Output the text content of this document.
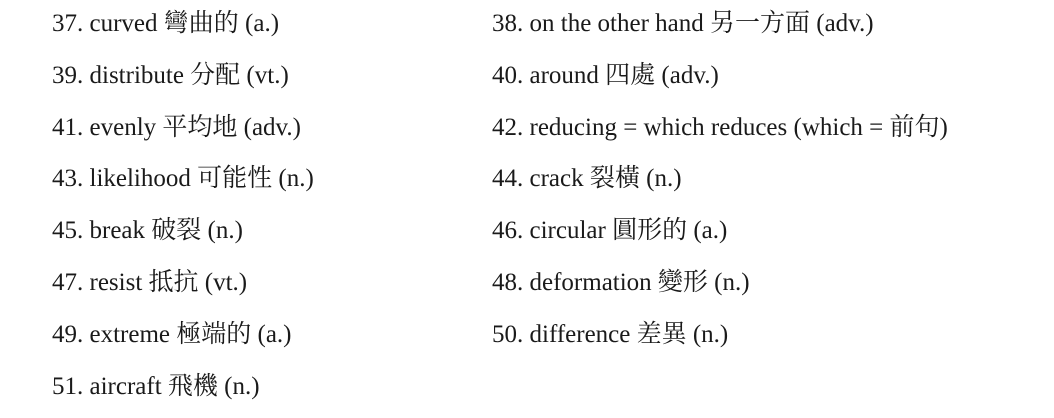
37. curved 彎曲的 (a.)
39. distribute 分配 (vt.)
41. evenly 平均地 (adv.)
43. likelihood 可能性 (n.)
45. break 破裂 (n.)
47. resist 抵抗 (vt.)
49. extreme 極端的 (a.)
51. aircraft 飛機 (n.)
38. on the other hand 另一方面 (adv.)
40. around 四處 (adv.)
42. reducing = which reduces (which = 前句)
44. crack 裂橫 (n.)
46. circular 圓形的 (a.)
48. deformation 變形 (n.)
50. difference 差異 (n.)
